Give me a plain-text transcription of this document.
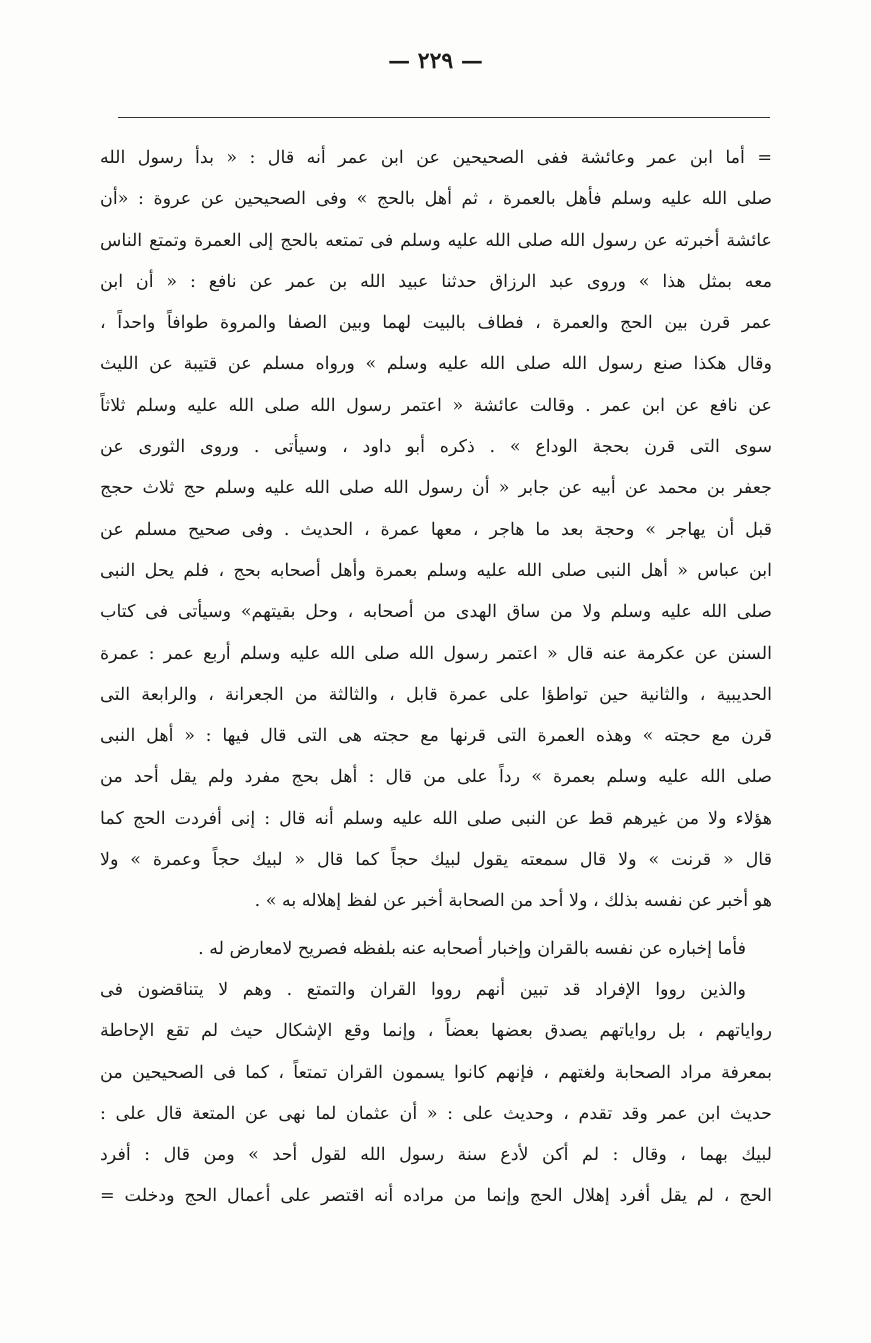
— ٢٢٩ —
= أما ابن عمر وعائشة ففى الصحيحين عن ابن عمر أنه قال : « بدأ رسول الله
صلى الله عليه وسلم فأهل بالعمرة ، ثم أهل بالحج » وفى الصحيحين عن عروة : «أن
عائشة أخبرته عن رسول الله صلى الله عليه وسلم فى تمتعه بالحج إلى العمرة وتمتع الناس
معه بمثل هذا » وروى عبد الرزاق حدثنا عبيد الله بن عمر عن نافع : « أن ابن
عمر قرن بين الحج والعمرة ، فطاف بالبيت لهما وبين الصفا والمروة طوافاً واحداً ،
وقال هكذا صنع رسول الله صلى الله عليه وسلم » ورواه مسلم عن قتيبة عن الليث
عن نافع عن ابن عمر . وقالت عائشة « اعتمر رسول الله صلى الله عليه وسلم ثلاثاً
سوى التى قرن بحجة الوداع » . ذكره أبو داود ، وسيأتى . وروى الثورى عن
جعفر بن محمد عن أبيه عن جابر « أن رسول الله صلى الله عليه وسلم حج ثلاث حجج
قبل أن يهاجر » وحجة بعد ما هاجر ، معها عمرة ، الحديث . وفى صحيح مسلم عن
ابن عباس « أهل النبى صلى الله عليه وسلم بعمرة وأهل أصحابه بحج ، فلم يحل النبى
صلى الله عليه وسلم ولا من ساق الهدى من أصحابه ، وحل بقيتهم» وسيأتى فى كتاب
السنن عن عكرمة عنه قال « اعتمر رسول الله صلى الله عليه وسلم أربع عمر : عمرة
الحديبية ، والثانية حين تواطؤا على عمرة قابل ، والثالثة من الجعرانة ، والرابعة التى
قرن مع حجته » وهذه العمرة التى قرنها مع حجته هى التى قال فيها : « أهل النبى
صلى الله عليه وسلم بعمرة » رداً على من قال : أهل بحج مفرد ولم يقل أحد من
هؤلاء ولا من غيرهم قط عن النبى صلى الله عليه وسلم أنه قال : إنى أفردت الحج كما
قال « قرنت » ولا قال سمعته يقول لبيك حجاً كما قال « لبيك حجاً وعمرة » ولا
هو أخبر عن نفسه بذلك ، ولا أحد من الصحابة أخبر عن لفظ إهلاله به » .
فأما إخباره عن نفسه بالقران وإخبار أصحابه عنه بلفظه فصريح لامعارض له .
والذين رووا الإفراد قد تبين أنهم رووا القران والتمتع . وهم لا يتناقضون فى
رواياتهم ، بل رواياتهم يصدق بعضها بعضاً ، وإنما وقع الإشكال حيث لم تقع الإحاطة
بمعرفة مراد الصحابة ولغتهم ، فإنهم كانوا يسمون القران تمتعاً ، كما فى الصحيحين من
حديث ابن عمر وقد تقدم ، وحديث على : « أن عثمان لما نهى عن المتعة قال على :
لبيك بهما ، وقال : لم أكن لأدع سنة رسول الله لقول أحد » ومن قال : أفرد
الحج ، لم يقل أفرد إهلال الحج وإنما من مراده أنه اقتصر على أعمال الحج ودخلت =
